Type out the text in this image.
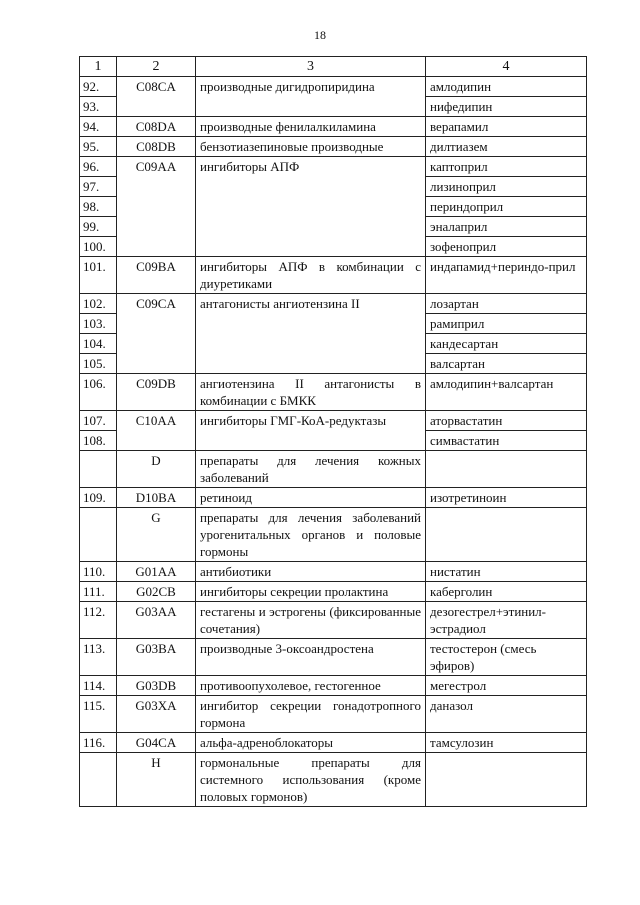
18
1	2	3	4
92.	C08CA	производные дигидропиридина	амлодипин
93.			нифедипин
94.	C08DA	производные фенилалкиламина	верапамил
95.	C08DB	бензотиазепиновые производные	дилтиазем
96.	C09AA	ингибиторы АПФ	каптоприл
97.			лизиноприл
98.			периндоприл
99.			эналаприл
100.			зофеноприл
101.	C09BA	ингибиторы АПФ в комбинации с диуретиками	индапамид+периндо-прил
102.	C09CA	антагонисты ангиотензина II	лозартан
103.			рамиприл
104.			кандесартан
105.			валсартан
106.	C09DB	ангиотензина II антагонисты в комбинации с БМКК	амлодипин+валсартан
107.	C10AA	ингибиторы ГМГ-КоА-редуктазы	аторвастатин
108.			симвастатин
	D	препараты для лечения кожных заболеваний	
109.	D10BA	ретиноид	изотретиноин
	G	препараты для лечения заболеваний урогенитальных органов и половые гормоны	
110.	G01AA	антибиотики	нистатин
111.	G02CB	ингибиторы секреции пролактина	каберголин
112.	G03AA	гестагены и эстрогены (фиксированные сочетания)	дезогестрел+этинил-эстрадиол
113.	G03BA	производные 3-оксоандростена	тестостерон (смесь эфиров)
114.	G03DB	противоопухолевое, гестогенное	мегестрол
115.	G03XA	ингибитор секреции гонадотропного гормона	даназол
116.	G04CA	альфа-адреноблокаторы	тамсулозин
	H	гормональные препараты для системного использования (кроме половых гормонов)	
